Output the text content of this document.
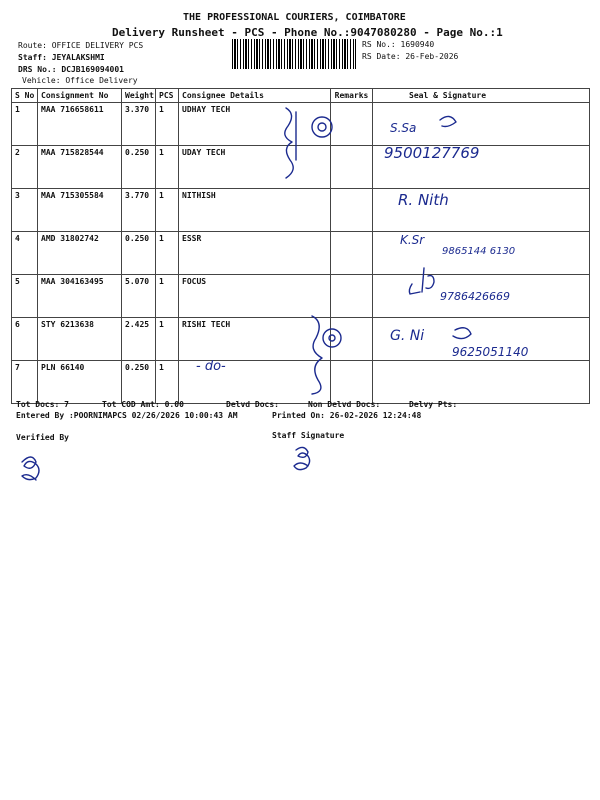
THE PROFESSIONAL COURIERS, COIMBATORE
Delivery Runsheet - PCS - Phone No.:9047080280 - Page No.:1
Route: OFFICE DELIVERY PCS
Staff: JEYALAKSHMI
DRS No.: DCJB169094001
Vehicle: Office Delivery
RS No.: 1690940
RS Date: 26-Feb-2026
S No	Consignment No	Weight	PCS	Consignee Details	Remarks	Seal & Signature
1	MAA 716658611	3.370	1	UDHAY TECH		
2	MAA 715828544	0.250	1	UDAY TECH		
3	MAA 715305584	3.770	1	NITHISH		
4	AMD 31802742	0.250	1	ESSR		
5	MAA 304163495	5.070	1	FOCUS		
6	STY 6213638	2.425	1	RISHI TECH		
7	PLN 66140	0.250	1			
Tot Docs: 7	Tot COD Amt: 0.00	Delvd Docs:	Non Delvd Docs:	Delvy Pts:
Entered By :POORNIMAPCS 02/26/2026 10:00:43 AM	Printed On: 26-02-2026 12:24:48
Verified By	Staff Signature
S.Sa
9500127769
R. Nith
K.Sr
9865144 6130
9786426669
G. Ni
9625051140
- do-
